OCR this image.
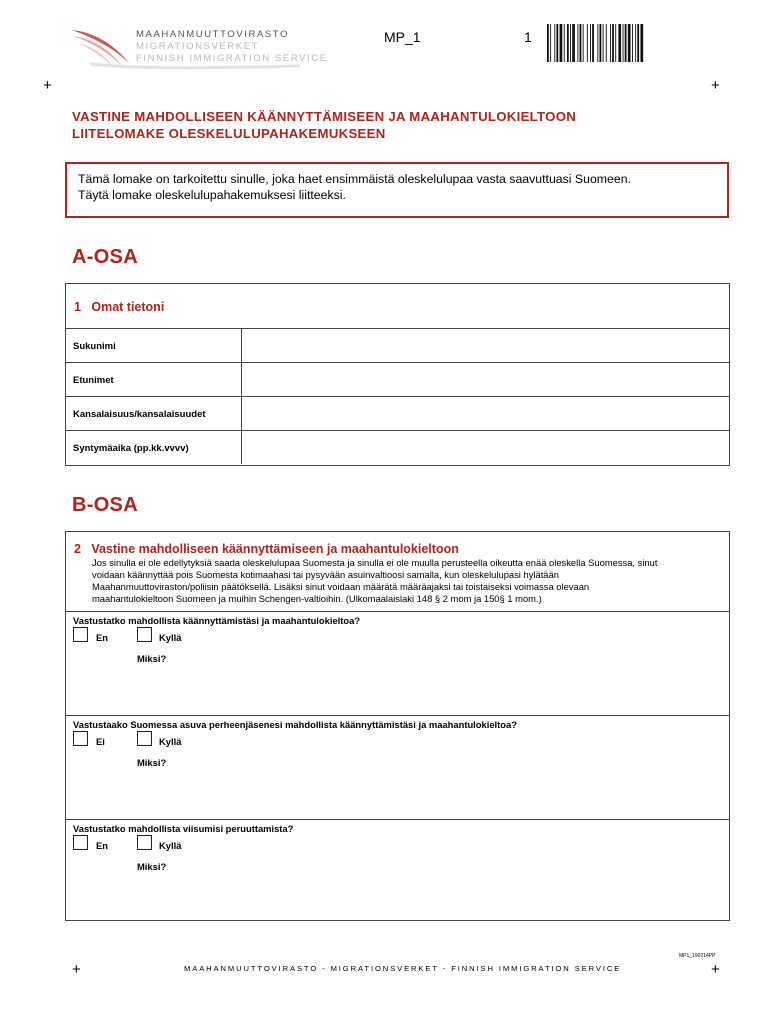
MAAHANMUUTTOVIRASTO
MIGRATIONSVERKET
FINNISH IMMIGRATION SERVICE
MP_1	1
+	+
VASTINE MAHDOLLISEEN KÄÄNNYTTÄMISEEN JA MAAHANTULOKIELTOON
LIITELOMAKE OLESKELULUPAHAKEMUKSEEN
Tämä lomake on tarkoitettu sinulle, joka haet ensimmäistä oleskelulupaa vasta saavuttuasi Suomeen.
Täytä lomake oleskelulupahakemuksesi liitteeksi.
A-OSA
1 Omat tietoni
Sukunimi
Etunimet
Kansalaisuus/kansalaisuudet
Syntymäaika (pp.kk.vvvv)
B-OSA
2 Vastine mahdolliseen käännyttämiseen ja maahantulokieltoon
Jos sinulla ei ole edellytyksiä saada oleskelulupaa Suomesta ja sinulla ei ole muulla perusteella oikeutta enää oleskella Suomessa, sinut
voidaan käännyttää pois Suomesta kotimaahasi tai pysyvään asuinvaltioosi samalla, kun oleskelulupasi hylätään
Maahanmuuttoviraston/poliisin päätöksellä. Lisäksi sinut voidaan määrätä määräajaksi tai toistaiseksi voimassa olevaan
maahantulokieltoon Suomeen ja muihin Schengen-valtioihin. (Ulkomaalaislaki 148 § 2 mom ja 150§ 1 mom.)
Vastustatko mahdollista käännyttämistäsi ja maahantulokieltoa?
En	Kyllä
Miksi?
Vastustaako Suomessa asuva perheenjäsenesi mahdollista käännyttämistäsi ja maahantulokieltoa?
Ei	Kyllä
Miksi?
Vastustatko mahdollista viisumisi peruuttamista?
En	Kyllä
Miksi?
MP1_190214PP
+	+
MAAHANMUUTTOVIRASTO - MIGRATIONSVERKET - FINNISH IMMIGRATION SERVICE
